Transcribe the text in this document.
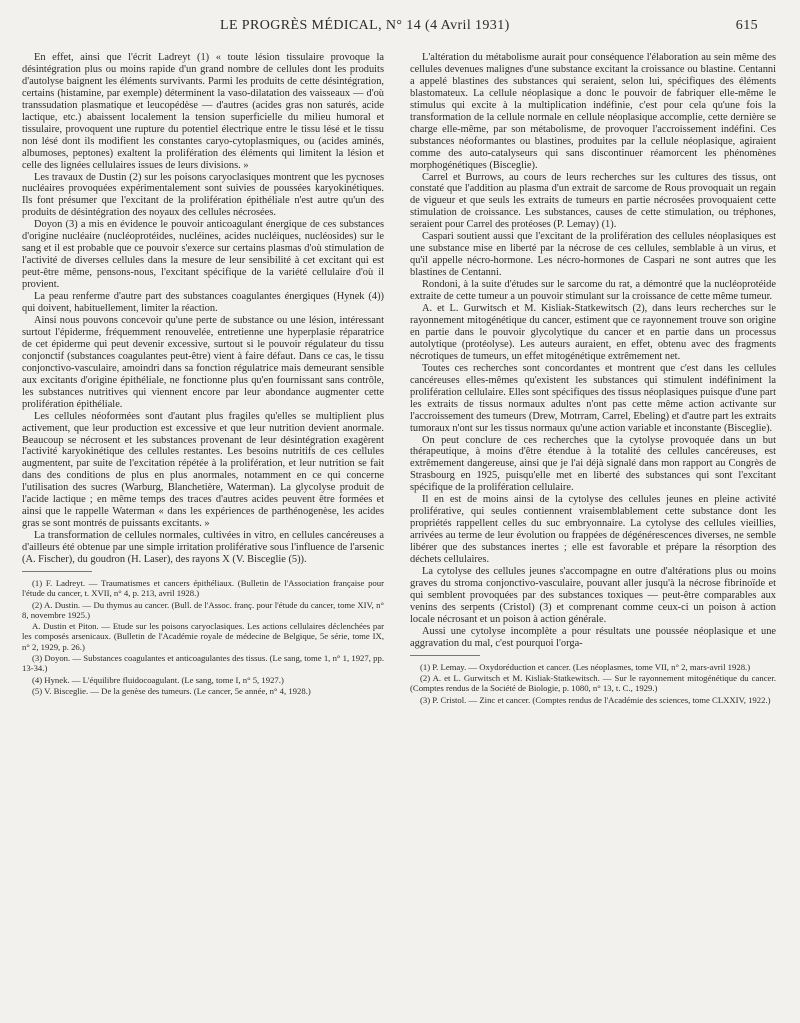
LE PROGRÈS MÉDICAL, N° 14 (4 Avril 1931)	615

En effet, ainsi que l'écrit Ladreyt (1) « toute lésion tissulaire provoque la désintégration plus ou moins rapide d'un grand nombre de cellules dont les produits d'autolyse baignent les éléments survivants. Parmi les produits de cette désintégration, certains (histamine, par exemple) déterminent la vaso-dilatation des vaisseaux — d'où transsudation plasmatique et leucopédèse — d'autres (acides gras non saturés, acide lactique, etc.) abaissent localement la tension superficielle du milieu humoral et tissulaire, provoquent une rupture du potentiel électrique entre le tissu lésé et le tissu non lésé dont ils modifient les constantes caryo-cytoplasmiques, ou (acides aminés, albumoses, peptones) exaltent la prolifération des éléments qui limitent la lésion et celle des lignées cellulaires issues de leurs divisions. »

Les travaux de Dustin (2) sur les poisons caryoclasiques montrent que les pycnoses nucléaires provoquées expérimentalement sont suivies de poussées karyokinétiques. Ils font présumer que l'excitant de la prolifération épithéliale n'est autre qu'un des produits de désintégration des noyaux des cellules nécrosées.

Doyon (3) a mis en évidence le pouvoir anticoagulant énergique de ces substances d'origine nucléaire (nucléoprotéides, nucléines, acides nucléiques, nucléosides) sur le sang et il est probable que ce pouvoir s'exerce sur certains plasmas d'où stimulation de l'activité de diverses cellules dans la mesure de leur sensibilité à cet excitant qui est peut-être même, pensons-nous, l'excitant spécifique de la variété cellulaire d'où il provient.

La peau renferme d'autre part des substances coagulantes énergiques (Hynek (4)) qui doivent, habituellement, limiter la réaction.

Ainsi nous pouvons concevoir qu'une perte de substance ou une lésion, intéressant surtout l'épiderme, fréquemment renouvelée, entretienne une hyperplasie réparatrice de cet épiderme qui peut devenir excessive, surtout si le pouvoir régulateur du tissu conjonctif (substances coagulantes peut-être) vient à faire défaut. Dans ce cas, le tissu conjonctivo-vasculaire, amoindri dans sa fonction régulatrice mais demeurant sensible aux excitants d'origine épithéliale, ne fonctionne plus qu'en fournissant sans contrôle, les substances nutritives qui viennent encore par leur abondance augmenter cette prolifération épithéliale.

Les cellules néoformées sont d'autant plus fragiles qu'elles se multiplient plus activement, que leur production est excessive et que leur nutrition devient anormale. Beaucoup se nécrosent et les substances provenant de leur désintégration exagèrent l'activité karyokinétique des cellules restantes. Les besoins nutritifs de ces cellules augmentent, par suite de l'excitation répétée à la prolifération, et leur nutrition se fait dans des conditions de plus en plus anormales, notamment en ce qui concerne l'utilisation des sucres (Warburg, Blanchetière, Waterman). La glycolyse produit de l'acide lactique ; en même temps des traces d'autres acides peuvent être formées et ainsi que le rappelle Waterman « dans les expériences de parthénogenèse, les acides gras se sont montrés de puissants excitants. »

La transformation de cellules normales, cultivées in vitro, en cellules cancéreuses a d'ailleurs été obtenue par une simple irritation proliférative sous l'influence de l'arsenic (A. Fischer), du goudron (H. Laser), des rayons X (V. Bisceglie (5)).

(1) F. Ladreyt. — Traumatismes et cancers épithéliaux. (Bulletin de l'Association française pour l'étude du cancer, t. XVII, n° 4, p. 213, avril 1928.)

(2) A. Dustin. — Du thymus au cancer. (Bull. de l'Assoc. franç. pour l'étude du cancer, tome XIV, n° 8, novembre 1925.)

A. Dustin et Piton. — Etude sur les poisons caryoclasiques. Les actions cellulaires déclenchées par les composés arsenicaux. (Bulletin de l'Académie royale de médecine de Belgique, 5e série, tome IX, n° 2, 1929, p. 26.)

(3) Doyon. — Substances coagulantes et anticoagulantes des tissus. (Le sang, tome 1, n° 1, 1927, pp. 13-34.)

(4) Hynek. — L'équilibre fluidocoagulant. (Le sang, tome I, n° 5, 1927.)

(5) V. Bisceglie. — De la genèse des tumeurs. (Le cancer, 5e année, n° 4, 1928.)

L'altération du métabolisme aurait pour conséquence l'élaboration au sein même des cellules devenues malignes d'une substance excitant la croissance ou blastine. Centanni a appelé blastines des substances qui seraient, selon lui, spécifiques des éléments blastomateux. La cellule néoplasique a donc le pouvoir de fabriquer elle-même le stimulus qui excite à la multiplication indéfinie, c'est pour cela qu'une fois la transformation de la cellule normale en cellule néoplasique accomplie, cette dernière se charge elle-même, par son métabolisme, de provoquer l'accroissement indéfini. Ces substances néoformantes ou blastines, produites par la cellule néoplasique, agiraient comme des auto-catalyseurs qui sans discontinuer réamorcent les phénomènes morphogénétiques (Bisceglie).

Carrel et Burrows, au cours de leurs recherches sur les cultures des tissus, ont constaté que l'addition au plasma d'un extrait de sarcome de Rous provoquait un regain de vigueur et que seuls les extraits de tumeurs en partie nécrosées provoquaient cette stimulation de croissance. Les substances, causes de cette stimulation, ou tréphones, seraient pour Carrel des protéoses (P. Lemay) (1).

Caspari soutient aussi que l'excitant de la prolifération des cellules néoplasiques est une substance mise en liberté par la nécrose de ces cellules, semblable à un virus, et qu'il appelle nécro-hormone. Les nécro-hormones de Caspari ne sont autres que les blastines de Centanni.

Rondoni, à la suite d'études sur le sarcome du rat, a démontré que la nucléoprotéide extraite de cette tumeur a un pouvoir stimulant sur la croissance de cette même tumeur.

A. et L. Gurwitsch et M. Kisliak-Statkewitsch (2), dans leurs recherches sur le rayonnement mitogénétique du cancer, estiment que ce rayonnement trouve son origine en partie dans le pouvoir glycolytique du cancer et en partie dans un processus autolytique (protéolyse). Les auteurs auraient, en effet, obtenu avec des fragments nécrotiques de tumeurs, un effet mitogénétique extrêmement net.

Toutes ces recherches sont concordantes et montrent que c'est dans les cellules cancéreuses elles-mêmes qu'existent les substances qui stimulent indéfiniment la prolifération cellulaire. Elles sont spécifiques des tissus néoplasiques puisque d'une part les extraits de tissus normaux adultes n'ont pas cette même action activante sur l'accroissement des tumeurs (Drew, Motrram, Carrel, Ebeling) et d'autre part les extraits tumoraux n'ont sur les tissus normaux qu'une action variable et inconstante (Bisceglie).

On peut conclure de ces recherches que la cytolyse provoquée dans un but thérapeutique, à moins d'être étendue à la totalité des cellules cancéreuses, est extrêmement dangereuse, ainsi que je l'ai déjà signalé dans mon rapport au Congrès de Strasbourg en 1925, puisqu'elle met en liberté des substances qui sont l'excitant spécifique de la prolifération cellulaire.

Il en est de moins ainsi de la cytolyse des cellules jeunes en pleine activité proliférative, qui seules contiennent vraisemblablement cette substance dont les propriétés rappellent celles du suc embryonnaire. La cytolyse des cellules vieillies, arrivées au terme de leur évolution ou frappées de dégénérescences diverses, ne semble libérer que des substances inertes ; elle est favorable et prépare la résorption des déchets cellulaires.

La cytolyse des cellules jeunes s'accompagne en outre d'altérations plus ou moins graves du stroma conjonctivo-vasculaire, pouvant aller jusqu'à la nécrose fibrinoïde et qui semblent provoquées par des substances toxiques — peut-être comparables aux venins des serpents (Cristol) (3) et comprenant comme ceux-ci un poison à action locale nécrosant et un poison à action générale.

Aussi une cytolyse incomplète a pour résultats une poussée néoplasique et une aggravation du mal, c'est pourquoi l'orga-

(1) P. Lemay. — Oxydoréduction et cancer. (Les néoplasmes, tome VII, n° 2, mars-avril 1928.)

(2) A. et L. Gurwitsch et M. Kisliak-Statkewitsch. — Sur le rayonnement mitogénétique du cancer. (Comptes rendus de la Société de Biologie, p. 1080, n° 13, t. C., 1929.)

(3) P. Cristol. — Zinc et cancer. (Comptes rendus de l'Académie des sciences, tome CLXXIV, 1922.)
